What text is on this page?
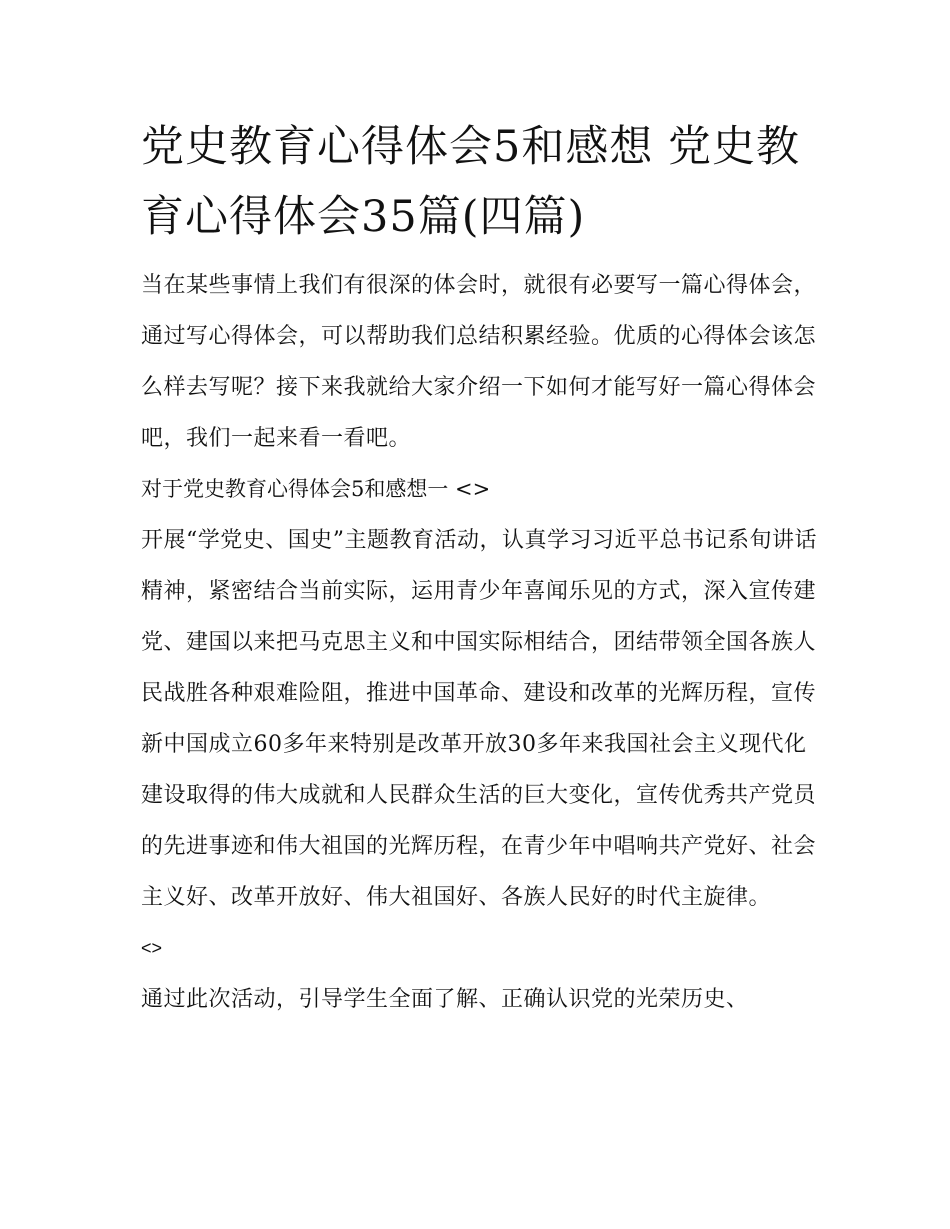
党史教育心得体会5和感想 党史教育心得体会35篇(四篇)

当在某些事情上我们有很深的体会时，就很有必要写一篇心得体会，通过写心得体会，可以帮助我们总结积累经验。优质的心得体会该怎么样去写呢？接下来我就给大家介绍一下如何才能写好一篇心得体会吧，我们一起来看一看吧。

对于党史教育心得体会5和感想一 <>

开展“学党史、国史”主题教育活动，认真学习习近平总书记系旬讲话精神，紧密结合当前实际，运用青少年喜闻乐见的方式，深入宣传建党、建国以来把马克思主义和中国实际相结合，团结带领全国各族人民战胜各种艰难险阻，推进中国革命、建设和改革的光辉历程，宣传新中国成立60多年来特别是改革开放30多年来我国社会主义现代化建设取得的伟大成就和人民群众生活的巨大变化，宣传优秀共产党员的先进事迹和伟大祖国的光辉历程，在青少年中唱响共产党好、社会主义好、改革开放好、伟大祖国好、各族人民好的时代主旋律。

<>

通过此次活动，引导学生全面了解、正确认识党的光荣历史、
